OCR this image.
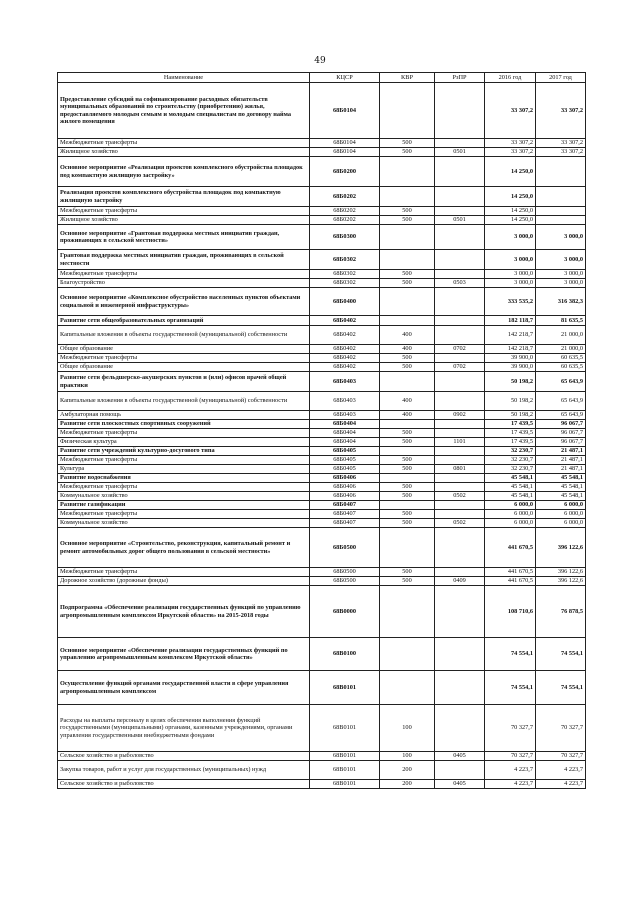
49
Наименование	КЦСР	КВР	РзПР	2016 год	2017 год
Предоставление субсидий на софинансирование расходных обязательств муниципальных образований по строительству (приобретению) жилья, предоставляемого молодым семьям и молодым специалистам по договору найма жилого помещения	68Б0104			33 307,2	33 307,2
Межбюджетные трансферты	68Б0104	500		33 307,2	33 307,2
Жилищное хозяйство	68Б0104	500	0501	33 307,2	33 307,2
Основное мероприятие «Реализация проектов комплексного обустройства площадок под компактную жилищную застройку»	68Б0200			14 250,0	
Реализация проектов комплексного обустройства площадок под компактную жилищную застройку	68Б0202			14 250,0	
Межбюджетные трансферты	68Б0202	500		14 250,0	
Жилищное хозяйство	68Б0202	500	0501	14 250,0	
Основное мероприятие «Грантовая поддержка местных инициатив граждан, проживающих в сельской местности»	68Б0300			3 000,0	3 000,0
Грантовая поддержка местных инициатив граждан, проживающих в сельской местности	68Б0302			3 000,0	3 000,0
Межбюджетные трансферты	68Б0302	500		3 000,0	3 000,0
Благоустройство	68Б0302	500	0503	3 000,0	3 000,0
Основное мероприятие «Комплексное обустройство населенных пунктов объектами социальной и инженерной инфраструктуры»	68Б0400			333 535,2	316 382,3
Развитие сети общеобразовательных организаций	68Б0402			182 118,7	81 635,5
Капитальные вложения в объекты государственной (муниципальной) собственности	68Б0402	400		142 218,7	21 000,0
Общее образование	68Б0402	400	0702	142 218,7	21 000,0
Межбюджетные трансферты	68Б0402	500		39 900,0	60 635,5
Общее образование	68Б0402	500	0702	39 900,0	60 635,5
Развитие сети фельдшерско-акушерских пунктов и (или) офисов врачей общей практики	68Б0403			50 198,2	65 643,9
Капитальные вложения в объекты государственной (муниципальной) собственности	68Б0403	400		50 198,2	65 643,9
Амбулаторная помощь	68Б0403	400	0902	50 198,2	65 643,9
Развитие сети плоскостных спортивных сооружений	68Б0404			17 439,5	96 067,7
Межбюджетные трансферты	68Б0404	500		17 439,5	96 067,7
Физическая культура	68Б0404	500	1101	17 439,5	96 067,7
Развитие сети учреждений культурно-досугового типа	68Б0405			32 230,7	21 487,1
Межбюджетные трансферты	68Б0405	500		32 230,7	21 487,1
Культура	68Б0405	500	0801	32 230,7	21 487,1
Развитие водоснабжения	68Б0406			45 548,1	45 548,1
Межбюджетные трансферты	68Б0406	500		45 548,1	45 548,1
Коммунальное хозяйство	68Б0406	500	0502	45 548,1	45 548,1
Развитие газификации	68Б0407			6 000,0	6 000,0
Межбюджетные трансферты	68Б0407	500		6 000,0	6 000,0
Коммунальное хозяйство	68Б0407	500	0502	6 000,0	6 000,0
Основное мероприятие «Строительство, реконструкция, капитальный ремонт и ремонт автомобильных дорог общего пользования в сельской местности»	68Б0500			441 670,5	396 122,6
Межбюджетные трансферты	68Б0500	500		441 670,5	396 122,6
Дорожное хозяйство (дорожные фонды)	68Б0500	500	0409	441 670,5	396 122,6
Подпрограмма «Обеспечение реализации государственных функций по управлению агропромышленным комплексом Иркутской области» на 2015-2018 годы	68В0000			108 710,6	76 878,5
Основное мероприятие «Обеспечение реализации государственных функций по управлению агропромышленным комплексом Иркутской области»	68В0100			74 554,1	74 554,1
Осуществление функций органами государственной власти в сфере управления агропромышленным комплексом	68В0101			74 554,1	74 554,1
Расходы на выплаты персоналу в целях обеспечения выполнения функций государственными (муниципальными) органами, казенными учреждениями, органами управления государственными внебюджетными фондами	68В0101	100		70 327,7	70 327,7
Сельское хозяйство и рыболовство	68В0101	100	0405	70 327,7	70 327,7
Закупка товаров, работ и услуг для государственных (муниципальных) нужд	68В0101	200		4 223,7	4 223,7
Сельское хозяйство и рыболовство	68В0101	200	0405	4 223,7	4 223,7
